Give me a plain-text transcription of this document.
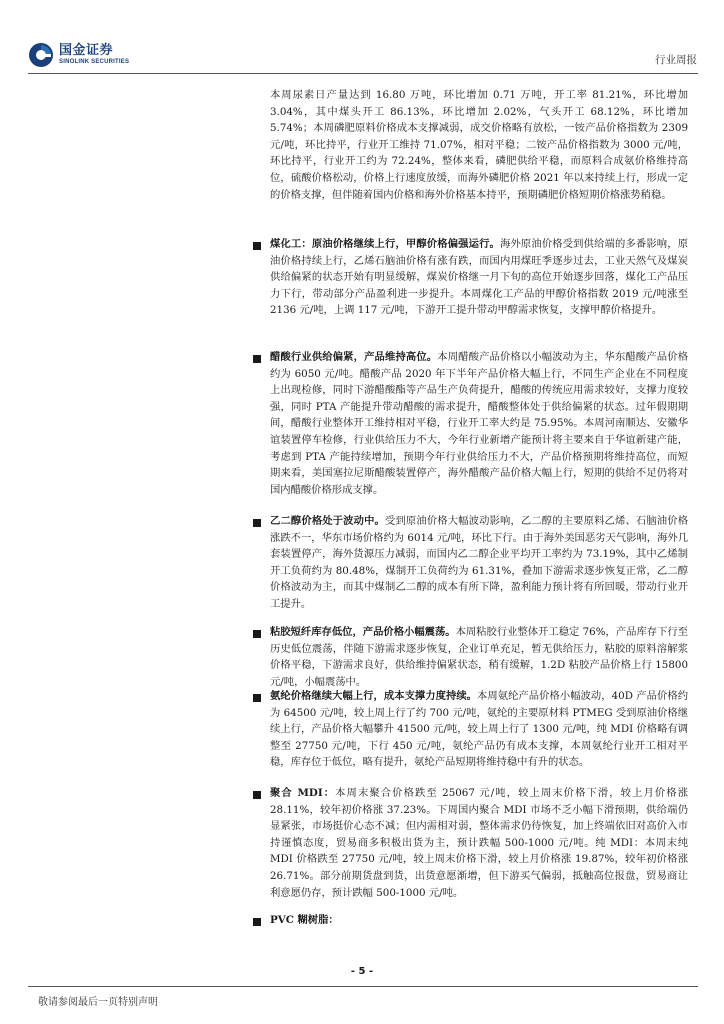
国金证券
SINOLINK SECURITIES	行业周报
本周尿素日产量达到 16.80 万吨，环比增加 0.71 万吨，开工率 81.21%，环比增加 3.04%，其中煤头开工 86.13%，环比增加 2.02%，气头开工 68.12%，环比增加 5.74%；本周磷肥原料价格成本支撑减弱，成交价格略有放松，一铵产品价格指数为 2309 元/吨，环比持平，行业开工维持 71.07%，相对平稳；二铵产品价格指数为 3000 元/吨，环比持平，行业开工约为 72.24%，整体来看，磷肥供给平稳，而原料合成氨价格维持高位，硫酸价格松动，价格上行速度放缓，而海外磷肥价格 2021 年以来持续上行，形成一定的价格支撑，但伴随着国内价格和海外价格基本持平，预期磷肥价格短期价格涨势稍稳。
煤化工：原油价格继续上行，甲醇价格偏强运行。海外原油价格受到供给端的多番影响，原油价格持续上行，乙烯石脑油价格有涨有跌，而国内用煤旺季逐步过去，工业天然气及煤炭供给偏紧的状态开始有明显缓解，煤炭价格继一月下旬的高位开始逐步回落，煤化工产品压力下行，带动部分产品盈利进一步提升。本周煤化工产品的甲醇价格指数 2019 元/吨涨至 2136 元/吨，上调 117 元/吨，下游开工提升带动甲醇需求恢复，支撑甲醇价格提升。
醋酸行业供给偏紧，产品维持高位。本周醋酸产品价格以小幅波动为主，华东醋酸产品价格约为 6050 元/吨。醋酸产品 2020 年下半年产品价格大幅上行，不同生产企业在不同程度上出现检修，同时下游醋酸酯等产品生产负荷提升，醋酸的传统应用需求较好，支撑力度较强，同时 PTA 产能提升带动醋酸的需求提升，醋酸整体处于供给偏紧的状态。过年假期期间，醋酸行业整体开工维持相对平稳，行业开工率大约是 75.95%。本周河南顺达、安徽华谊装置停车检修，行业供给压力不大，今年行业新增产能预计将主要来自于华谊新建产能，考虑到 PTA 产能持续增加，预期今年行业供给压力不大，产品价格预期将维持高位，而短期来看，美国塞拉尼斯醋酸装置停产，海外醋酸产品价格大幅上行，短期的供给不足仍将对国内醋酸价格形成支撑。
乙二醇价格处于波动中。受到原油价格大幅波动影响，乙二醇的主要原料乙烯、石脑油价格涨跌不一，华东市场价格约为 6014 元/吨，环比下行。由于海外美国恶劣天气影响，海外几套装置停产，海外货源压力减弱，而国内乙二醇企业平均开工率约为 73.19%，其中乙烯制开工负荷约为 80.48%，煤制开工负荷约为 61.31%，叠加下游需求逐步恢复正常，乙二醇价格波动为主，而其中煤制乙二醇的成本有所下降，盈利能力预计将有所回暖，带动行业开工提升。
粘胶短纤库存低位，产品价格小幅震荡。本周粘胶行业整体开工稳定 76%，产品库存下行至历史低位震荡，伴随下游需求逐步恢复，企业订单充足，暂无供给压力，粘胶的原料溶解浆价格平稳，下游需求良好，供给维持偏紧状态，稍有缓解，1.2D 粘胶产品价格上行 15800 元/吨，小幅震荡中。
氨纶价格继续大幅上行，成本支撑力度持续。本周氨纶产品价格小幅波动，40D 产品价格约为 64500 元/吨，较上周上行了约 700 元/吨，氨纶的主要原材料 PTMEG 受到原油价格继续上行，产品价格大幅攀升 41500 元/吨，较上周上行了 1300 元/吨，纯 MDI 价格略有调整至 27750 元/吨，下行 450 元/吨，氨纶产品仍有成本支撑，本周氨纶行业开工相对平稳，库存位于低位，略有提升，氨纶产品短期将维持稳中有升的状态。
聚合 MDI：本周末聚合价格跌至 25067 元/吨，较上周末价格下滑，较上月价格涨 28.11%，较年初价格涨 37.23%。下周国内聚合 MDI 市场不乏小幅下滑预期，供给端仍显紧张，市场挺价心态不减；但内需相对弱，整体需求仍待恢复，加上终端依旧对高价入市持谨慎态度，贸易商多积极出货为主，预计跌幅 500-1000 元/吨。纯 MDI：本周末纯 MDI 价格跌至 27750 元/吨，较上周末价格下滑，较上月价格涨 19.87%，较年初价格涨 26.71%。部分前期货盘到货，出货意愿渐增，但下游买气偏弱，抵触高位报盘，贸易商让利意愿仍存，预计跌幅 500-1000 元/吨。
PVC 糊树脂：
- 5 -
敬请参阅最后一页特别声明
